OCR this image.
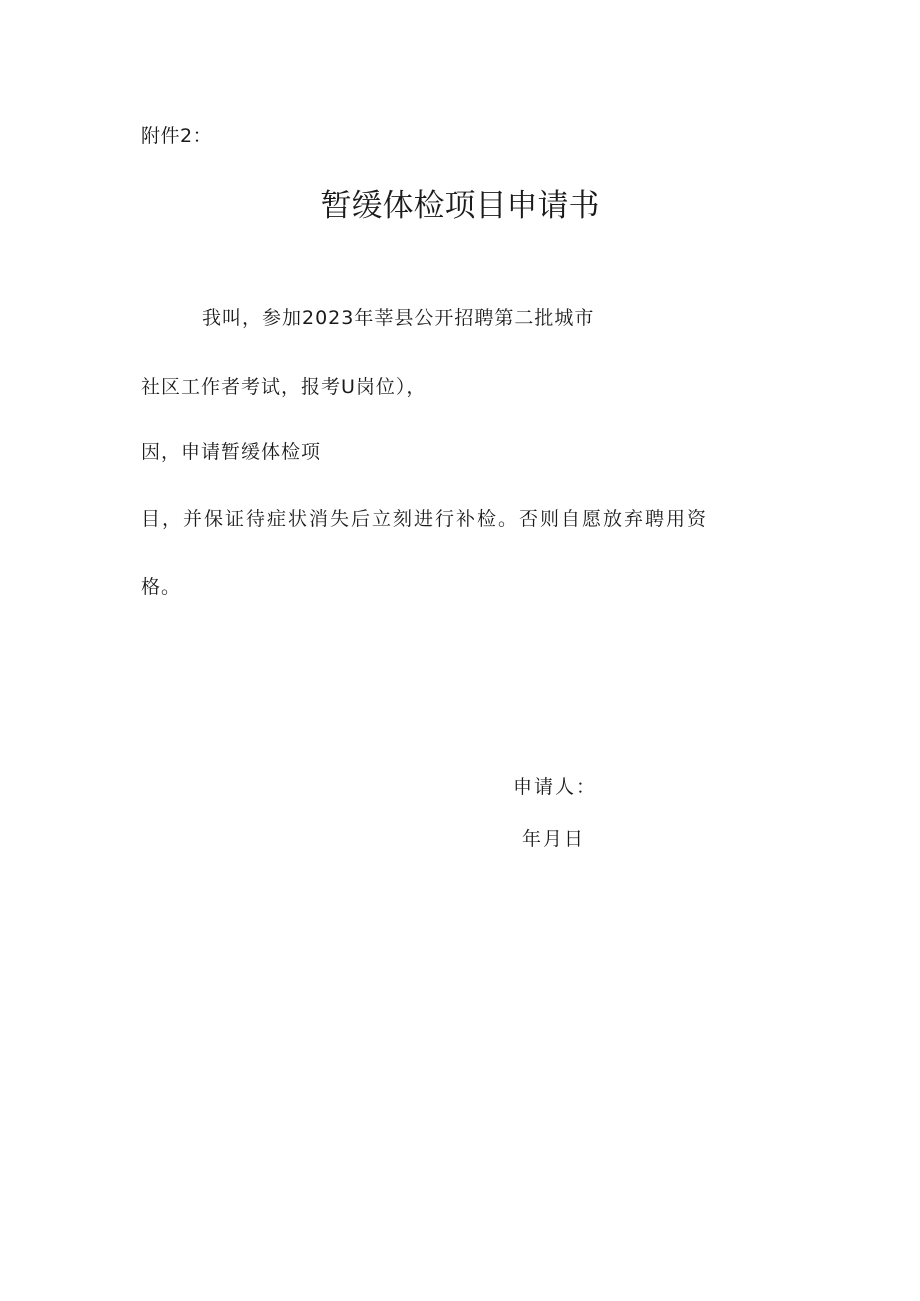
附件2：
暂缓体检项目申请书
我叫，参加2023年莘县公开招聘第二批城市
社区工作者考试，报考U岗位），
因，申请暂缓体检项
目，并保证待症状消失后立刻进行补检。否则自愿放弃聘用资
格。
申请人：
年月日
